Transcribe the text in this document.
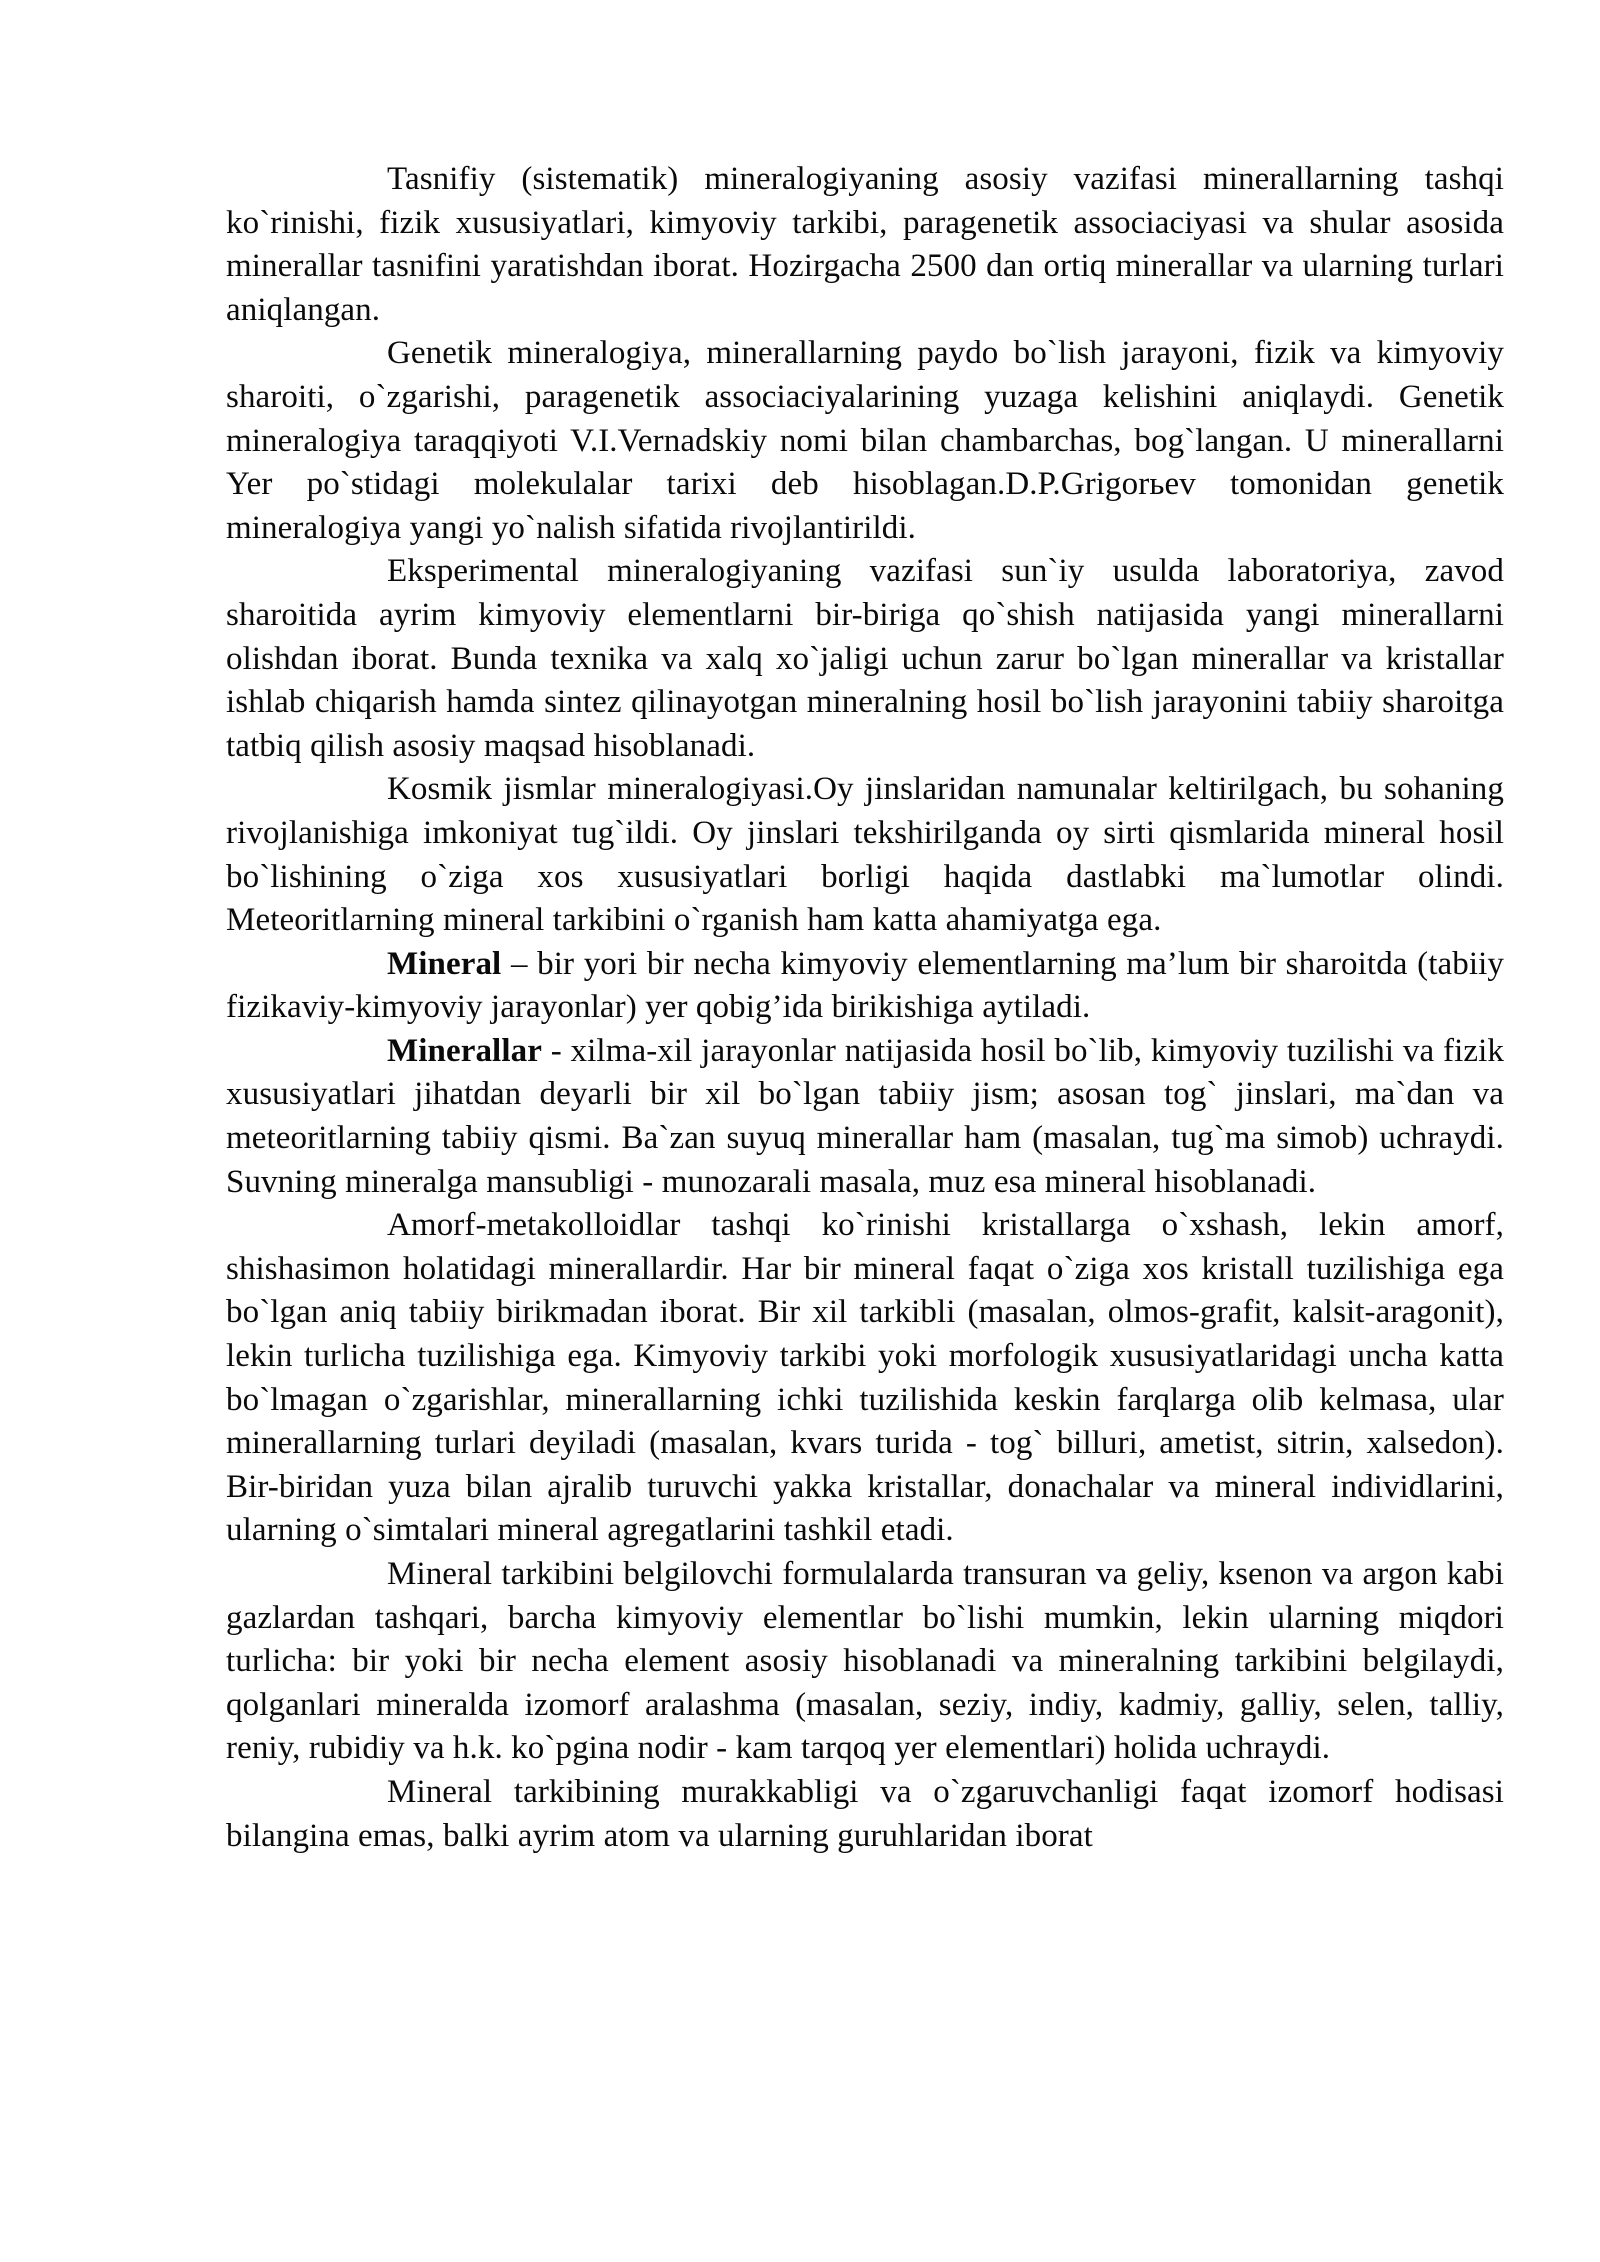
Tasnifiy (sistematik) mineralogiyaning asosiy vazifasi minerallarning tashqi ko`rinishi, fizik xususiyatlari, kimyoviy tarkibi, paragenetik associaciyasi va shular asosida minerallar tasnifini yaratishdan iborat. Hozirgacha 2500 dan ortiq minerallar va ularning turlari aniqlangan.

Genetik mineralogiya, minerallarning paydo bo`lish jarayoni, fizik va kimyoviy sharoiti, o`zgarishi, paragenetik associaciyalarining yuzaga kelishini aniqlaydi. Genetik mineralogiya taraqqiyoti V.I.Vernadskiy nomi bilan chambarchas, bog`langan. U minerallarni Yer po`stidagi molekulalar tarixi deb hisoblagan.D.P.Grigorьev tomonidan genetik mineralogiya yangi yo`nalish sifatida rivojlantirildi.

Eksperimental mineralogiyaning vazifasi sun`iy usulda laboratoriya, zavod sharoitida ayrim kimyoviy elementlarni bir-biriga qo`shish natijasida yangi minerallarni olishdan iborat. Bunda texnika va xalq xo`jaligi uchun zarur bo`lgan minerallar va kristallar ishlab chiqarish hamda sintez qilinayotgan mineralning hosil bo`lish jarayonini tabiiy sharoitga tatbiq qilish asosiy maqsad hisoblanadi.

Kosmik jismlar mineralogiyasi.Oy jinslaridan namunalar keltirilgach, bu sohaning rivojlanishiga imkoniyat tug`ildi. Oy jinslari tekshirilganda oy sirti qismlarida mineral hosil bo`lishining o`ziga xos xususiyatlari borligi haqida dastlabki ma`lumotlar olindi. Meteoritlarning mineral tarkibini o`rganish ham katta ahamiyatga ega.

Mineral – bir yori bir necha kimyoviy elementlarning ma’lum bir sharoitda (tabiiy fizikaviy-kimyoviy jarayonlar) yer qobig’ida birikishiga aytiladi.

Minerallar - xilma-xil jarayonlar natijasida hosil bo`lib, kimyoviy tuzilishi va fizik xususiyatlari jihatdan deyarli bir xil bo`lgan tabiiy jism; asosan tog` jinslari, ma`dan va meteoritlarning tabiiy qismi. Ba`zan suyuq minerallar ham (masalan, tug`ma simob) uchraydi. Suvning mineralga mansubligi - munozarali masala, muz esa mineral hisoblanadi.

Amorf-metakolloidlar tashqi ko`rinishi kristallarga o`xshash, lekin amorf, shishasimon holatidagi minerallardir. Har bir mineral faqat o`ziga xos kristall tuzilishiga ega bo`lgan aniq tabiiy birikmadan iborat. Bir xil tarkibli (masalan, olmos-grafit, kalsit-aragonit), lekin turlicha tuzilishiga ega. Kimyoviy tarkibi yoki morfologik xususiyatlaridagi uncha katta bo`lmagan o`zgarishlar, minerallarning ichki tuzilishida keskin farqlarga olib kelmasa, ular minerallarning turlari deyiladi (masalan, kvars turida - tog` billuri, ametist, sitrin, xalsedon). Bir-biridan yuza bilan ajralib turuvchi yakka kristallar, donachalar va mineral individlarini, ularning o`simtalari mineral agregatlarini tashkil etadi.

Mineral tarkibini belgilovchi formulalarda transuran va geliy, ksenon va argon kabi gazlardan tashqari, barcha kimyoviy elementlar bo`lishi mumkin, lekin ularning miqdori turlicha: bir yoki bir necha element asosiy hisoblanadi va mineralning tarkibini belgilaydi, qolganlari mineralda izomorf aralashma (masalan, seziy, indiy, kadmiy, galliy, selen, talliy, reniy, rubidiy va h.k. ko`pgina nodir - kam tarqoq yer elementlari) holida uchraydi.

Mineral tarkibining murakkabligi va o`zgaruvchanligi faqat izomorf hodisasi bilangina emas, balki ayrim atom va ularning guruhlaridan iborat
